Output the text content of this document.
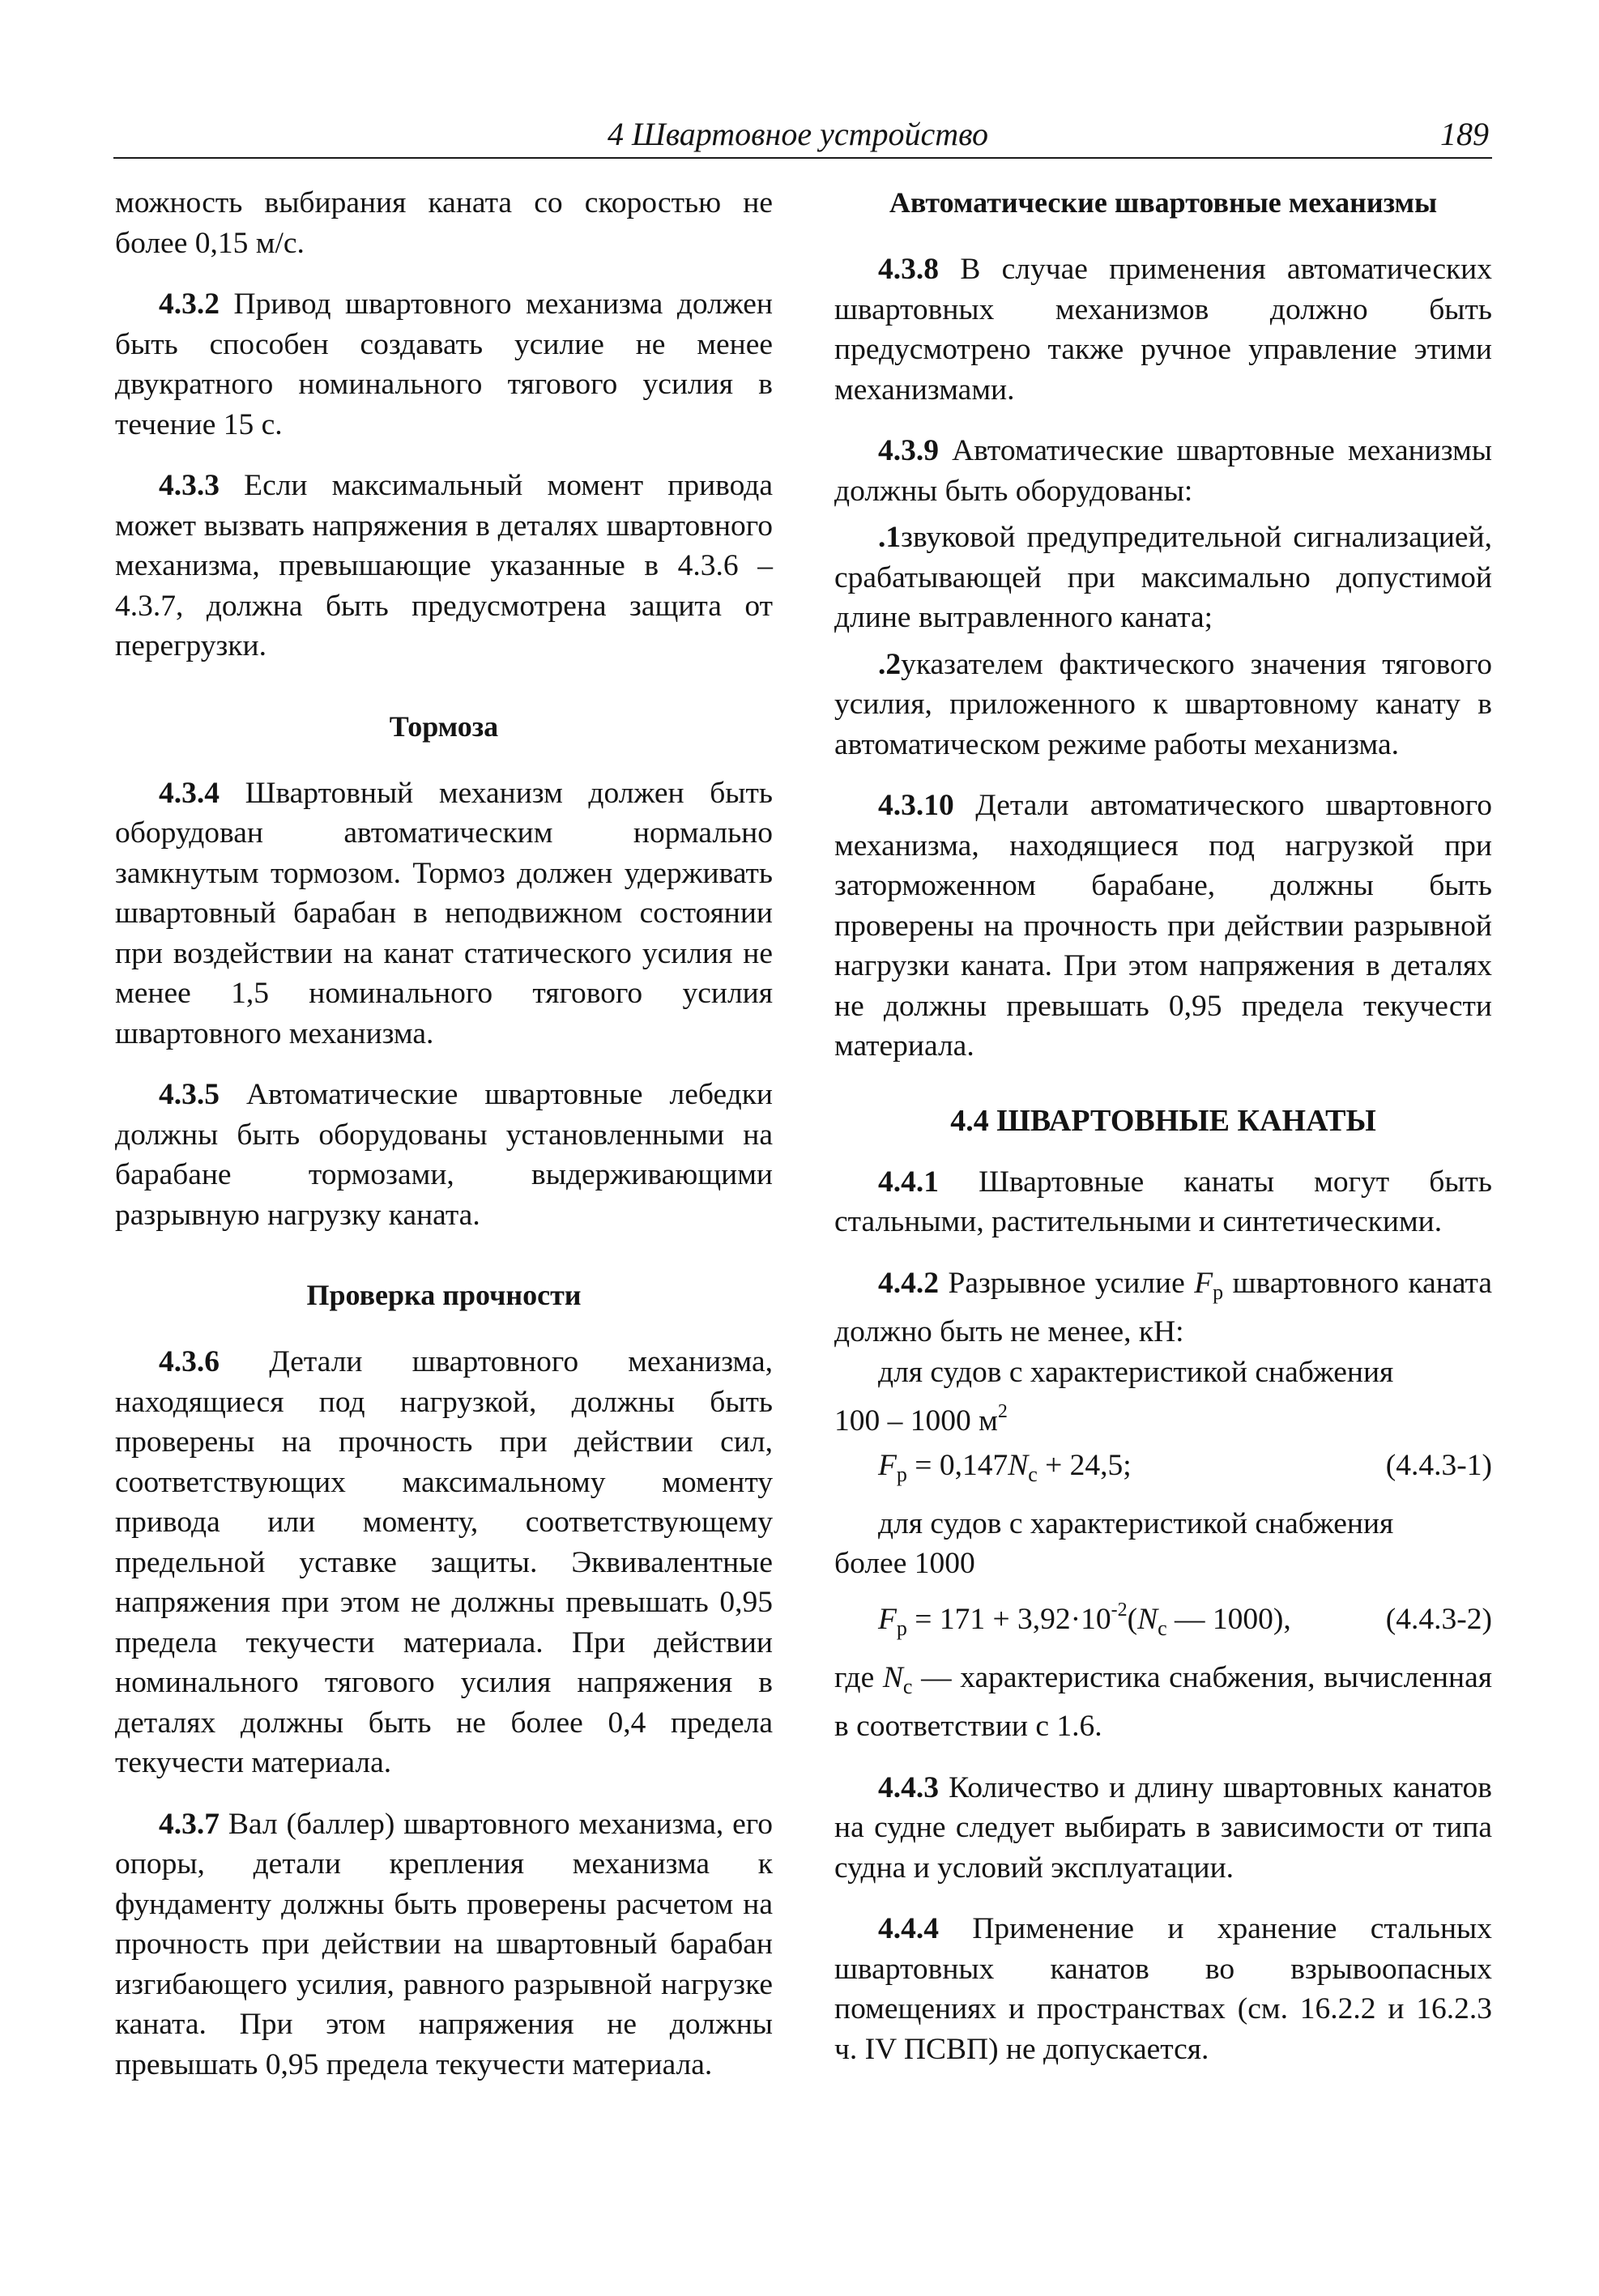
4 Швартовное устройство	189

можность выбирания каната со скоростью не более 0,15 м/с.

4.3.2 Привод швартовного механизма должен быть способен создавать усилие не менее двукратного номинального тягового усилия в течение 15 с.

4.3.3 Если максимальный момент привода может вызвать напряжения в деталях швартовного механизма, превышающие указанные в 4.3.6 – 4.3.7, должна быть предусмотрена защита от перегрузки.

Тормоза

4.3.4 Швартовный механизм должен быть оборудован автоматическим нормально замкнутым тормозом. Тормоз должен удерживать швартовный барабан в неподвижном состоянии при воздействии на канат статического усилия не менее 1,5 номинального тягового усилия швартовного механизма.

4.3.5 Автоматические швартовные лебедки должны быть оборудованы установленными на барабане тормозами, выдерживающими разрывную нагрузку каната.

Проверка прочности

4.3.6 Детали швартовного механизма, находящиеся под нагрузкой, должны быть проверены на прочность при действии сил, соответствующих максимальному моменту привода или моменту, соответствующему предельной уставке защиты. Эквивалентные напряжения при этом не должны превышать 0,95 предела текучести материала. При действии номинального тягового усилия напряжения в деталях должны быть не более 0,4 предела текучести материала.

4.3.7 Вал (баллер) швартовного механизма, его опоры, детали крепления механизма к фундаменту должны быть проверены расчетом на прочность при действии на швартовный барабан изгибающего усилия, равного разрывной нагрузке каната. При этом напряжения не должны превышать 0,95 предела текучести материала.

Автоматические швартовные механизмы

4.3.8 В случае применения автоматических швартовных механизмов должно быть предусмотрено также ручное управление этими механизмами.

4.3.9 Автоматические швартовные механизмы должны быть оборудованы:

.1звуковой предупредительной сигнализацией, срабатывающей при максимально допустимой длине вытравленного каната;

.2указателем фактического значения тягового усилия, приложенного к швартовному канату в автоматическом режиме работы механизма.

4.3.10 Детали автоматического швартовного механизма, находящиеся под нагрузкой при заторможенном барабане, должны быть проверены на прочность при действии разрывной нагрузки каната. При этом напряжения в деталях не должны превышать 0,95 предела текучести материала.

4.4 ШВАРТОВНЫЕ КАНАТЫ

4.4.1 Швартовные канаты могут быть стальными, растительными и синтетическими.

4.4.2 Разрывное усилие $F_р$ швартовного каната должно быть не менее, кН:

для судов с характеристикой снабжения
100 – 1000 $м^2$
$F_р = 0,147N_с + 24,5$;	(4.4.3-1)
для судов с характеристикой снабжения
более 1000
$F_р = 171 + 3,92\cdot 10^{-2}(N_с$ — 1000),	(4.4.3-2)

где $N_с$ — характеристика снабжения, вычисленная в соответствии с 1.6.

4.4.3 Количество и длину швартовных канатов на судне следует выбирать в зависимости от типа судна и условий эксплуатации.

4.4.4 Применение и хранение стальных швартовных канатов во взрывоопасных помещениях и пространствах (см. 16.2.2 и 16.2.3 ч. IV ПСВП) не допускается.
